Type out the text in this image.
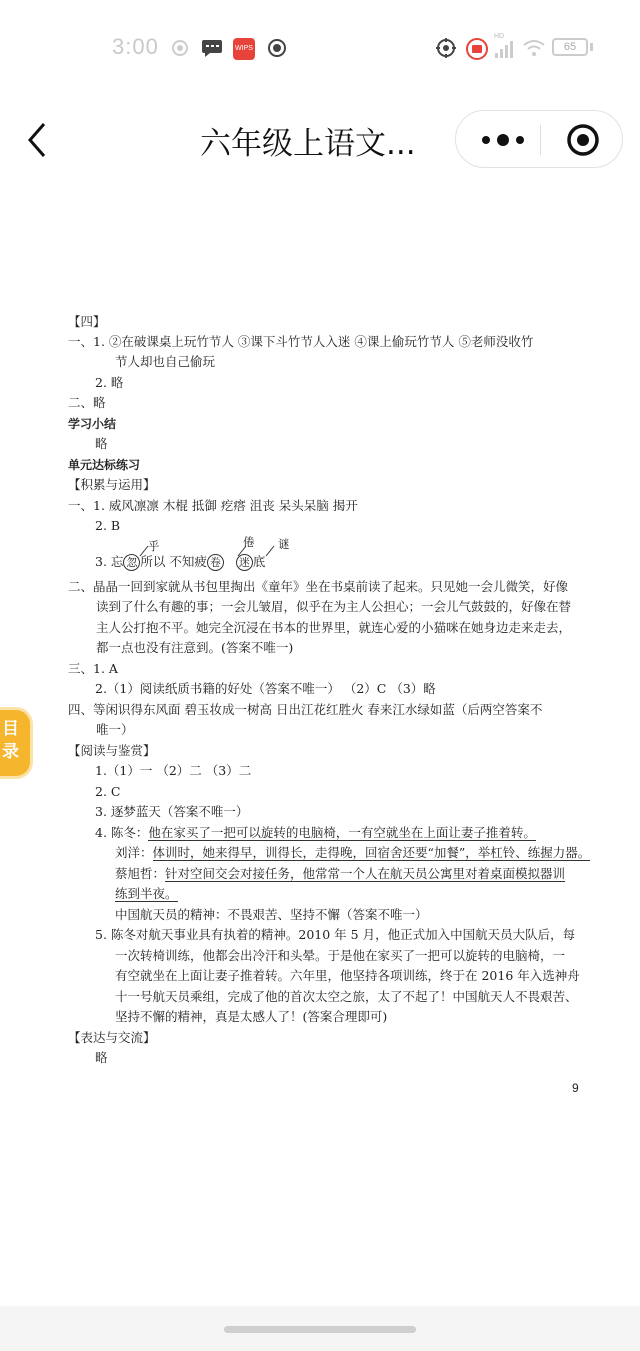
3:00	WIPS
HD
65
六年级上语文...
目录
【四】
一、1. ②在破课桌上玩竹节人 ③课下斗竹节人入迷 ④课上偷玩竹节人 ⑤老师没收竹
节人却也自己偷玩
2. 略
二、略
学习小结
略
单元达标练习
【积累与运用】
一、1. 威风凛凛 木棍 抵御 疙瘩 沮丧 呆头呆脑 揭开
2. B
3. 忘 忽 所以 不知疲 卷 迷 底
乎	倦 谜
二、晶晶一回到家就从书包里掏出《童年》坐在书桌前读了起来。只见她一会儿微笑，好像
读到了什么有趣的事；一会儿皱眉，似乎在为主人公担心；一会儿气鼓鼓的，好像在替
主人公打抱不平。她完全沉浸在书本的世界里，就连心爱的小猫咪在她身边走来走去，
都一点也没有注意到。(答案不唯一)
三、1. A
2.（1）阅读纸质书籍的好处（答案不唯一） （2）C （3）略
四、等闲识得东风面 碧玉妆成一树高 日出江花红胜火 春来江水绿如蓝（后两空答案不
唯一）
【阅读与鉴赏】
1.（1）一 （2）二 （3）二
2. C
3. 逐梦蓝天（答案不唯一）
4. 陈冬：他在家买了一把可以旋转的电脑椅，一有空就坐在上面让妻子推着转。
刘洋：体训时，她来得早，训得长，走得晚，回宿舍还要“加餐”，举杠铃、练握力器。
蔡旭哲：针对空间交会对接任务，他常常一个人在航天员公寓里对着桌面模拟器训
练到半夜。
中国航天员的精神：不畏艰苦、坚持不懈（答案不唯一）
5. 陈冬对航天事业具有执着的精神。2010 年 5 月，他正式加入中国航天员大队后，每
一次转椅训练，他都会出冷汗和头晕。于是他在家买了一把可以旋转的电脑椅，一
有空就坐在上面让妻子推着转。六年里，他坚持各项训练，终于在 2016 年入选神舟
十一号航天员乘组，完成了他的首次太空之旅，太了不起了！中国航天人不畏艰苦、
坚持不懈的精神，真是太感人了！(答案合理即可)
【表达与交流】
略
9
